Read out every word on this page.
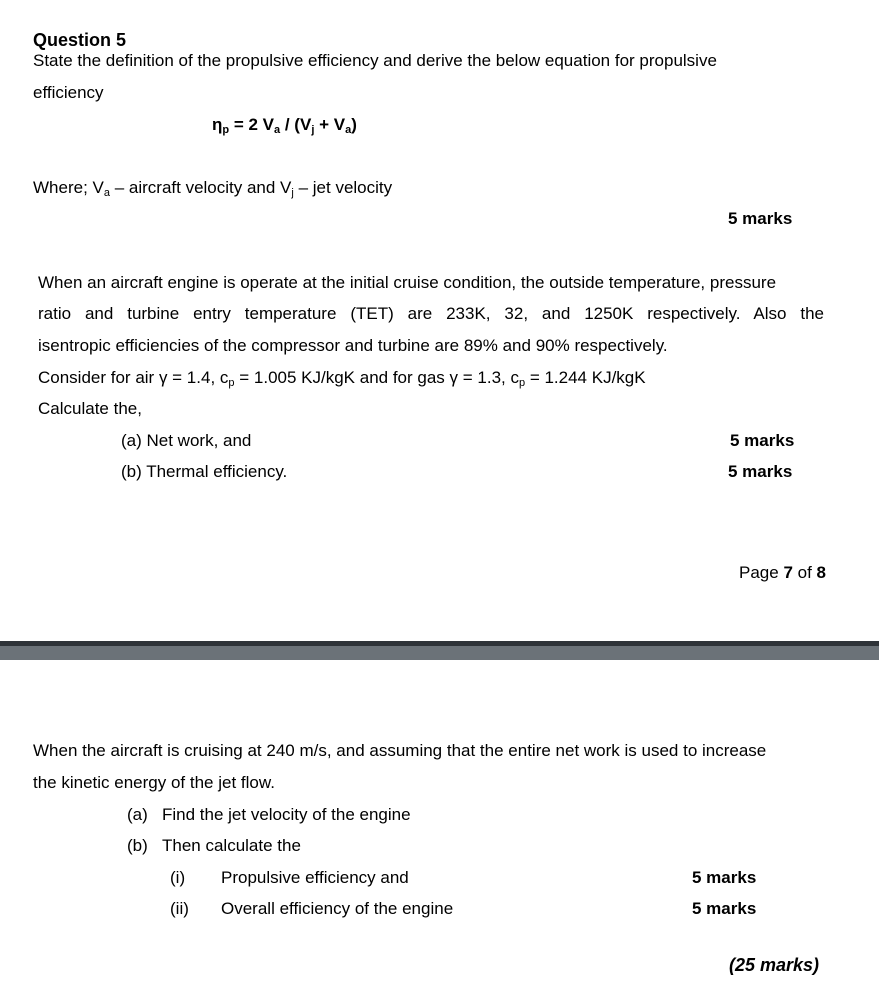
Question 5
State the definition of the propulsive efficiency and derive the below equation for propulsive
efficiency
$\eta_p = 2$ $V_a / (V_j + V_a)$
Where; $V_a$ – aircraft velocity and $V_j$ – jet velocity
5 marks
When an aircraft engine is operate at the initial cruise condition, the outside temperature, pressure
ratio and turbine entry temperature (TET) are 233K, 32, and 1250K respectively. Also the
isentropic efficiencies of the compressor and turbine are 89% and 90% respectively.
Consider for air γ = 1.4, $c_p = 1.005$ KJ/kgK and for gas γ = 1.3, $c_p = 1.244$ KJ/kgK
Calculate the,
(a) Net work, and	5 marks
(b) Thermal efficiency.	5 marks
Page 7 of 8
When the aircraft is cruising at 240 m/s, and assuming that the entire net work is used to increase
the kinetic energy of the jet flow.
(a) Find the jet velocity of the engine
(b) Then calculate the
(i) Propulsive efficiency and	5 marks
(ii) Overall efficiency of the engine	5 marks
(25 marks)
